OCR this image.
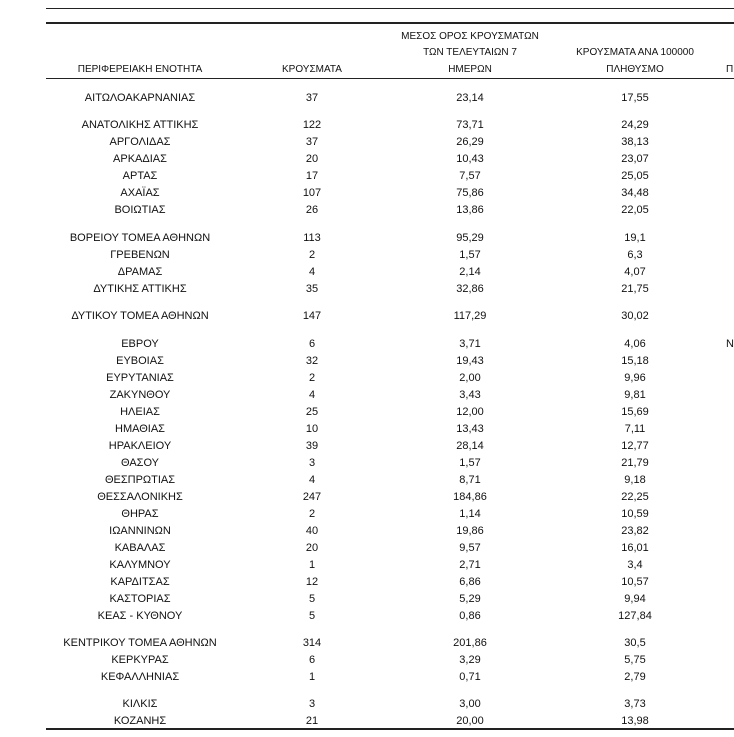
ΜΕΣΟΣ ΟΡΟΣ ΚΡΟΥΣΜΑΤΩΝ
ΤΩΝ ΤΕΛΕΥΤΑΙΩΝ 7	ΚΡΟΥΣΜΑΤΑ ΑΝΑ 100000
ΠΕΡΙΦΕΡΕΙΑΚΗ ΕΝΟΤΗΤΑ	ΚΡΟΥΣΜΑΤΑ	ΗΜΕΡΩΝ	ΠΛΗΘΥΣΜΟ	Π
ΑΙΤΩΛΟΑΚΑΡΝΑΝΙΑΣ	37	23,14	17,55
ΑΝΑΤΟΛΙΚΗΣ ΑΤΤΙΚΗΣ	122	73,71	24,29
ΑΡΓΟΛΙΔΑΣ	37	26,29	38,13
ΑΡΚΑΔΙΑΣ	20	10,43	23,07
ΑΡΤΑΣ	17	7,57	25,05
ΑΧΑΪΑΣ	107	75,86	34,48
ΒΟΙΩΤΙΑΣ	26	13,86	22,05
ΒΟΡΕΙΟΥ ΤΟΜΕΑ ΑΘΗΝΩΝ	113	95,29	19,1
ΓΡΕΒΕΝΩΝ	2	1,57	6,3
ΔΡΑΜΑΣ	4	2,14	4,07
ΔΥΤΙΚΗΣ ΑΤΤΙΚΗΣ	35	32,86	21,75
ΔΥΤΙΚΟΥ ΤΟΜΕΑ ΑΘΗΝΩΝ	147	117,29	30,02
ΕΒΡΟΥ	6	3,71	4,06	N
ΕΥΒΟΙΑΣ	32	19,43	15,18
ΕΥΡΥΤΑΝΙΑΣ	2	2,00	9,96
ΖΑΚΥΝΘΟΥ	4	3,43	9,81
ΗΛΕΙΑΣ	25	12,00	15,69
ΗΜΑΘΙΑΣ	10	13,43	7,11
ΗΡΑΚΛΕΙΟΥ	39	28,14	12,77
ΘΑΣΟΥ	3	1,57	21,79
ΘΕΣΠΡΩΤΙΑΣ	4	8,71	9,18
ΘΕΣΣΑΛΟΝΙΚΗΣ	247	184,86	22,25
ΘΗΡΑΣ	2	1,14	10,59
ΙΩΑΝΝΙΝΩΝ	40	19,86	23,82
ΚΑΒΑΛΑΣ	20	9,57	16,01
ΚΑΛΥΜΝΟΥ	1	2,71	3,4
ΚΑΡΔΙΤΣΑΣ	12	6,86	10,57
ΚΑΣΤΟΡΙΑΣ	5	5,29	9,94
ΚΕΑΣ - ΚΥΘΝΟΥ	5	0,86	127,84
ΚΕΝΤΡΙΚΟΥ ΤΟΜΕΑ ΑΘΗΝΩΝ	314	201,86	30,5
ΚΕΡΚΥΡΑΣ	6	3,29	5,75
ΚΕΦΑΛΛΗΝΙΑΣ	1	0,71	2,79
ΚΙΛΚΙΣ	3	3,00	3,73
ΚΟΖΑΝΗΣ	21	20,00	13,98
